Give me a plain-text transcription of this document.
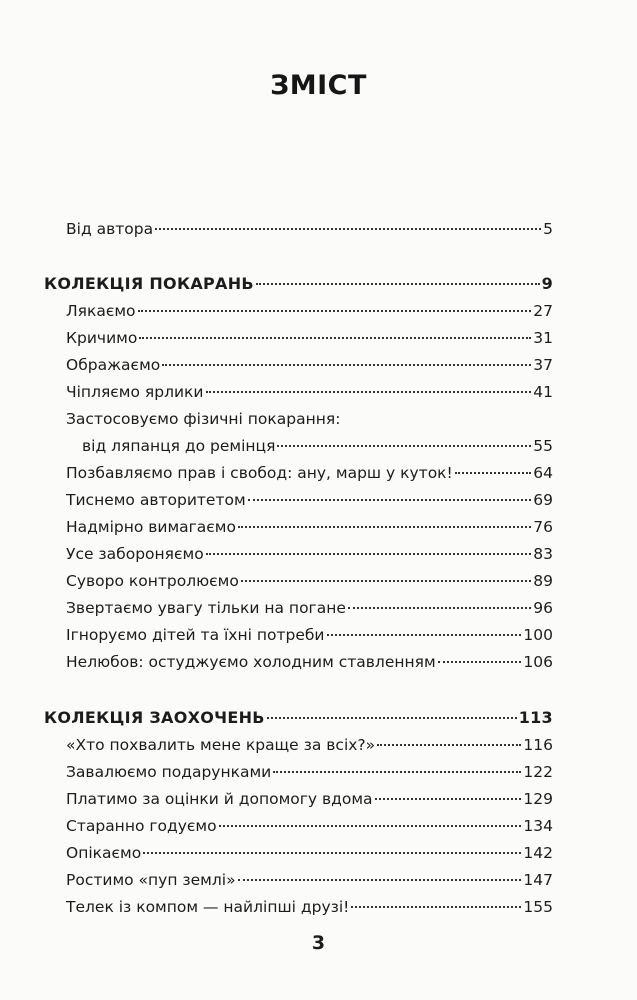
ЗМІСТ
Від автора	5
КОЛЕКЦІЯ ПОКАРАНЬ	9
Лякаємо	27
Кричимо	31
Ображаємо	37
Чіпляємо ярлики	41
Застосовуємо фізичні покарання:
від ляпанця до ремінця	55
Позбавляємо прав і свобод: ану, марш у куток!	64
Тиснемо авторитетом	69
Надмірно вимагаємо	76
Усе забороняємо	83
Суворо контролюємо	89
Звертаємо увагу тільки на погане	96
Ігноруємо дітей та їхні потреби	100
Нелюбов: остуджуємо холодним ставленням	106
КОЛЕКЦІЯ ЗАОХОЧЕНЬ	113
«Хто похвалить мене краще за всіх?»	116
Завалюємо подарунками	122
Платимо за оцінки й допомогу вдома	129
Старанно годуємо	134
Опікаємо	142
Ростимо «пуп землі»	147
Телек із компом — найліпші друзі!	155
3
